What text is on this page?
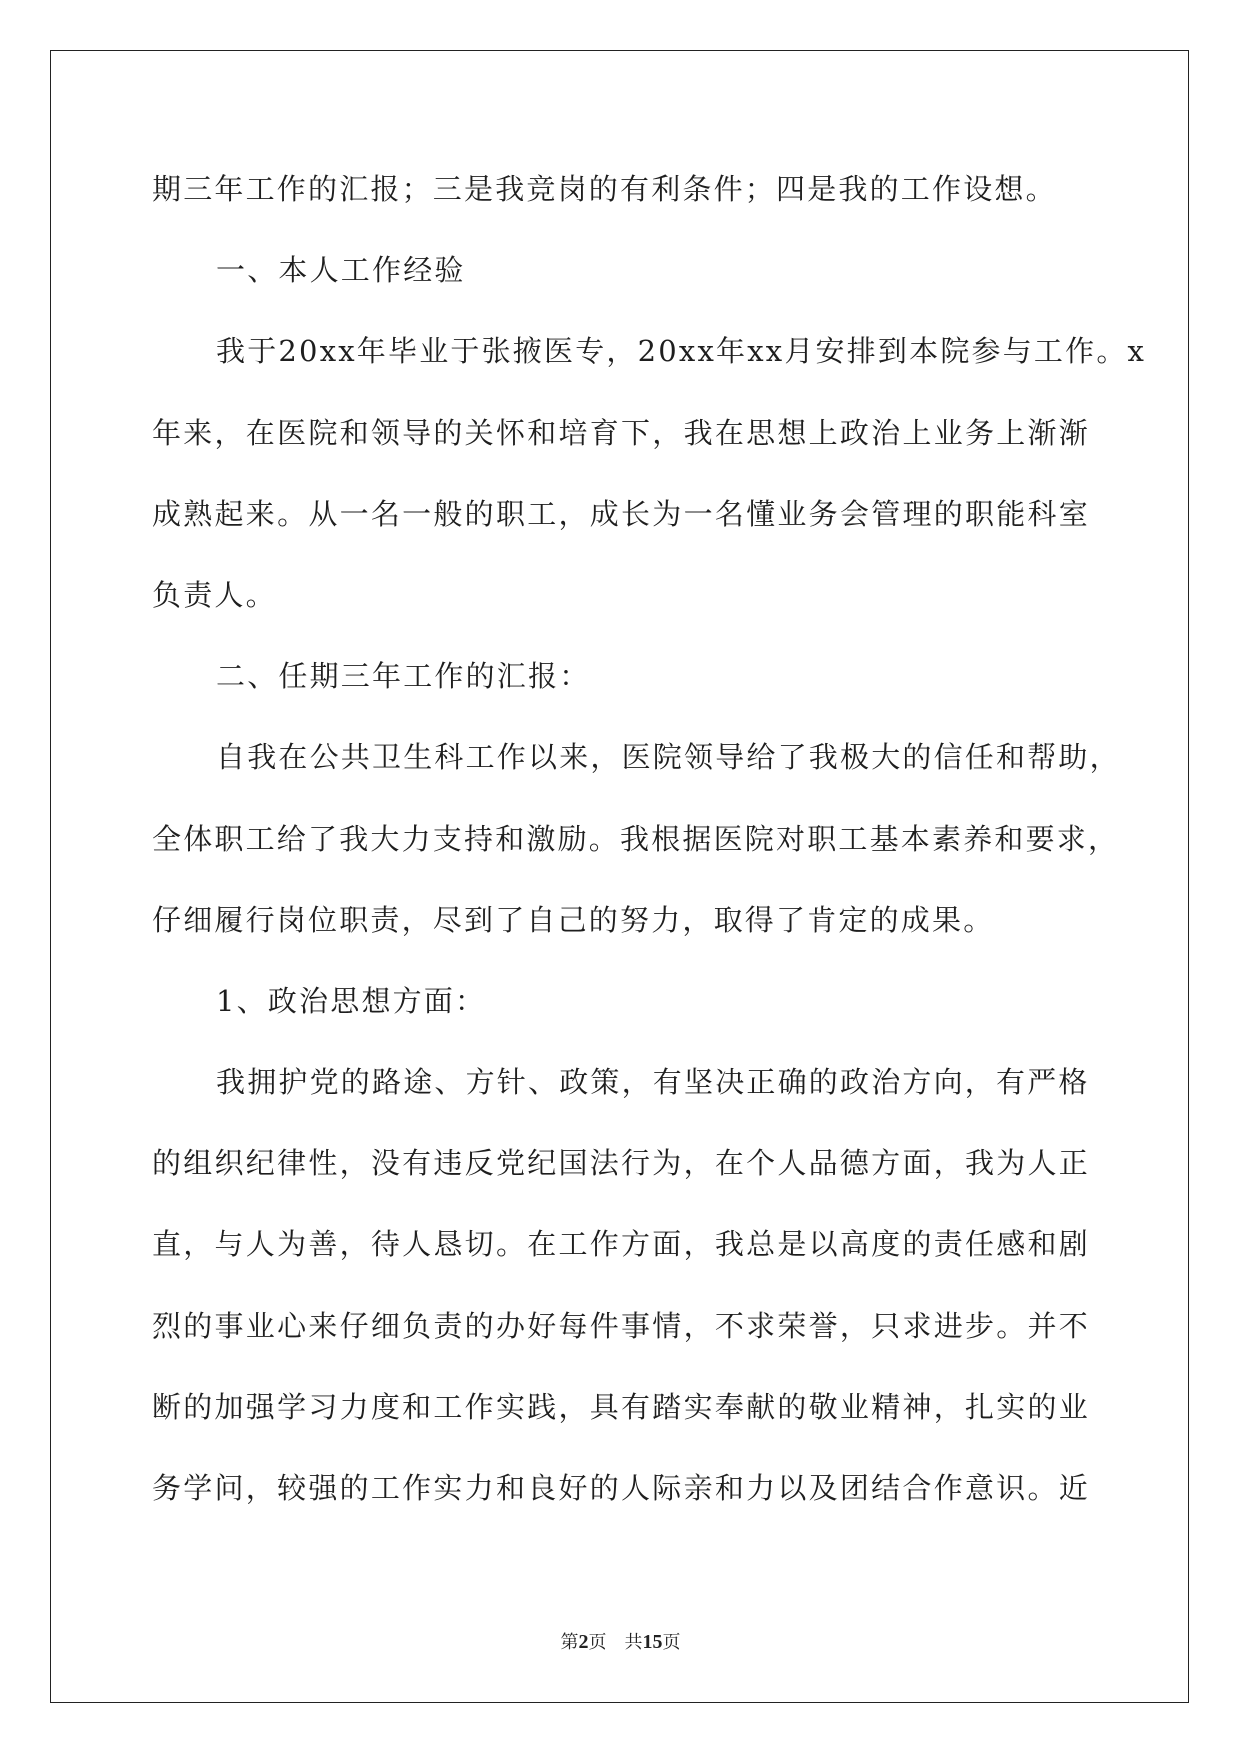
期三年工作的汇报；三是我竞岗的有利条件；四是我的工作设想。
一、本人工作经验
我于20xx年毕业于张掖医专，20xx年xx月安排到本院参与工作。x
年来，在医院和领导的关怀和培育下，我在思想上政治上业务上渐渐
成熟起来。从一名一般的职工，成长为一名懂业务会管理的职能科室
负责人。
二、任期三年工作的汇报：
自我在公共卫生科工作以来，医院领导给了我极大的信任和帮助，
全体职工给了我大力支持和激励。我根据医院对职工基本素养和要求，
仔细履行岗位职责，尽到了自己的努力，取得了肯定的成果。
1、政治思想方面：
我拥护党的路途、方针、政策，有坚决正确的政治方向，有严格
的组织纪律性，没有违反党纪国法行为，在个人品德方面，我为人正
直，与人为善，待人恳切。在工作方面，我总是以高度的责任感和剧
烈的事业心来仔细负责的办好每件事情，不求荣誉，只求进步。并不
断的加强学习力度和工作实践，具有踏实奉献的敬业精神，扎实的业
务学问，较强的工作实力和良好的人际亲和力以及团结合作意识。近
第2页 共15页
